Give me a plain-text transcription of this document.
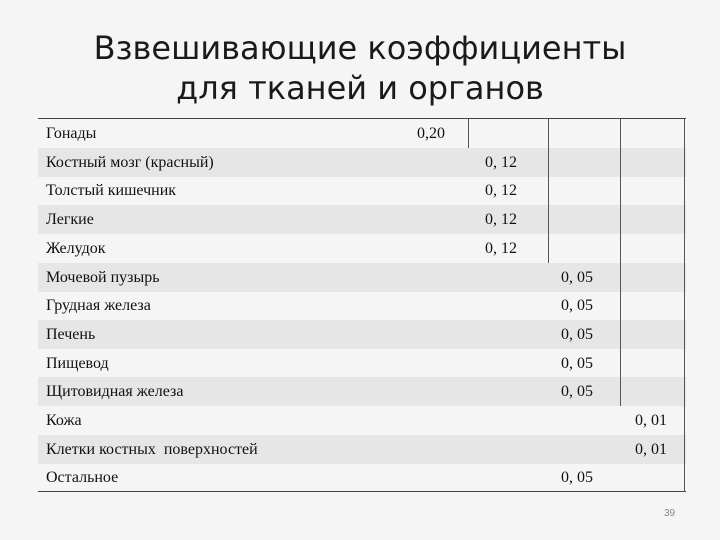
Взвешивающие коэффициенты
для тканей и органов
Гонады	0,20
Костный мозг (красный)	0, 12
Толстый кишечник	0, 12
Легкие	0, 12
Желудок	0, 12
Мочевой пузырь	0, 05
Грудная железа	0, 05
Печень	0, 05
Пищевод	0, 05
Щитовидная железа	0, 05
Кожа	0, 01
Клетки костных  поверхностей	0, 01
Остальное	0, 05
39
